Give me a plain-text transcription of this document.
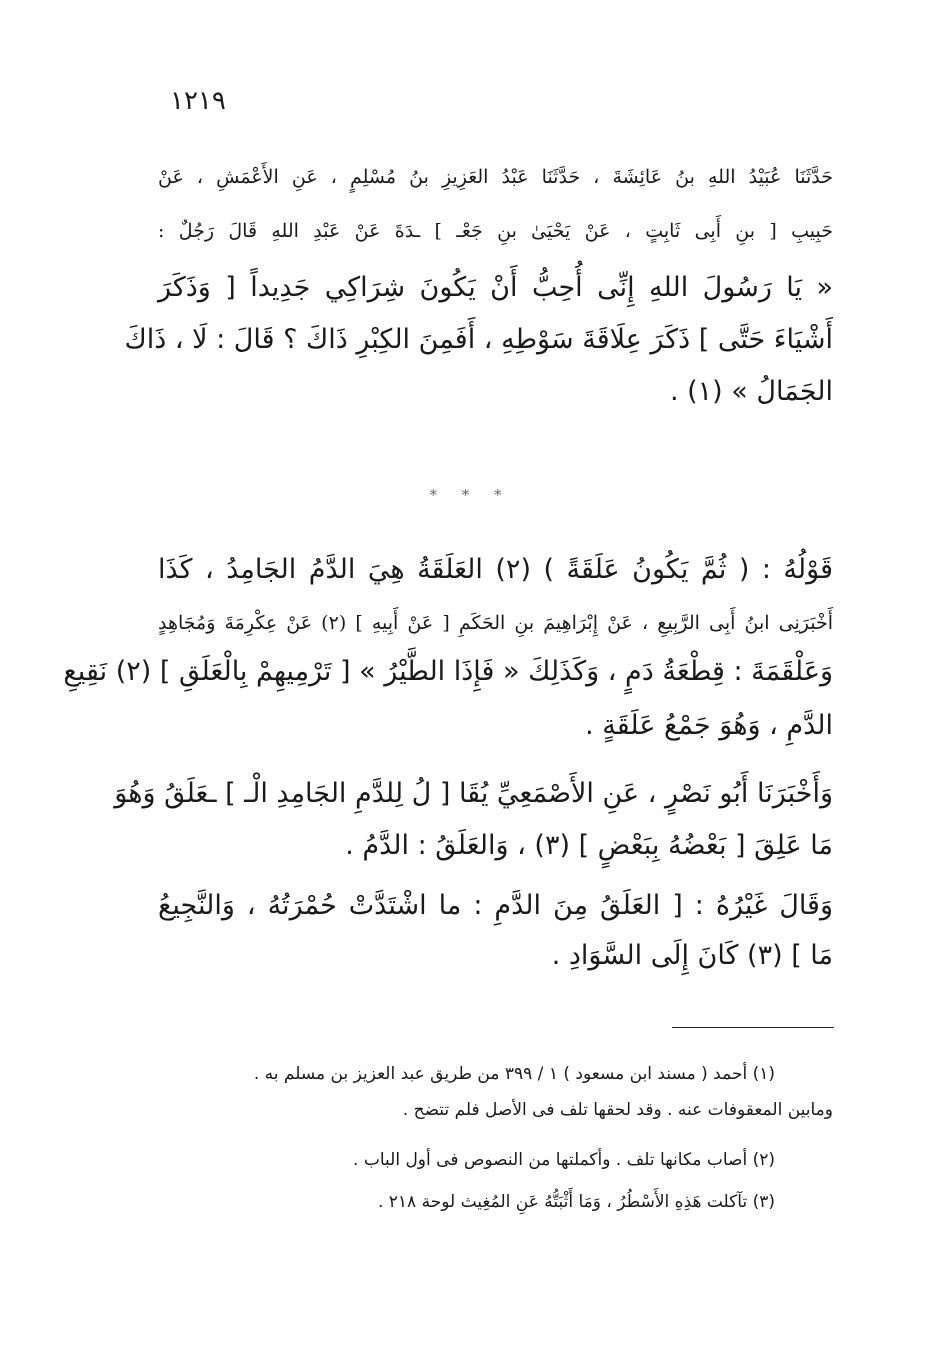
١٢١٩
حَدَّثَنَا عُبَيْدُ اللهِ بنُ عَائِشَةَ ، حَدَّثَنَا عَبْدُ العَزِيزِ بنُ مُسْلِمٍ ، عَنِ الأَعْمَشِ ، عَنْ
حَبِيبِ [ بنِ أَبِى ثَابِتٍ ، عَنْ يَحْيَىٰ بنِ جَعْـ ] ـدَةَ عَنْ عَبْدِ اللهِ قَالَ رَجُلٌ :
« يَا رَسُولَ اللهِ إِنِّى أُحِبُّ أَنْ يَكُونَ شِرَاكِي جَدِيداً [ وَذَكَرَ
أَشْيَاءَ حَتَّى ] ذَكَرَ عِلَاقَةَ سَوْطِهِ ، أَفَمِنَ الكِبْرِ ذَاكَ ؟ قَالَ : لَا ، ذَاكَ
الجَمَالُ » (١) .
* * *
قَوْلُهُ : ( ثُمَّ يَكُونُ عَلَقَةً ) (٢) العَلَقَةُ هِيَ الدَّمُ الجَامِدُ ، كَذَا
أَخْبَرَنِى ابنُ أَبِى الرَّبِيعِ ، عَنْ إِبْرَاهِيمَ بنِ الحَكَمِ [ عَنْ أَبِيهِ ] (٢) عَنْ عِكْرِمَةَ وَمُجَاهِدٍ
وَعَلْقَمَةَ : قِطْعَةُ دَمٍ ، وَكَذَلِكَ « فَإِذَا الطَّيْرُ » [ تَرْمِيهِمْ بِالْعَلَقِ ] (٢) نَقِيعِ
الدَّمِ ، وَهُوَ جَمْعُ عَلَقَةٍ .
وَأَخْبَرَنَا أَبُو نَصْرٍ ، عَنِ الأَصْمَعِيِّ يُقَا [ لُ لِلدَّمِ الجَامِدِ الْـ ] ـعَلَقُ وَهُوَ
مَا عَلِقَ [ بَعْضُهُ بِبَعْضٍ ] (٣) ، وَالعَلَقُ : الدَّمُ .
وَقَالَ غَيْرُهُ : [ العَلَقُ مِنَ الدَّمِ : ما اشْتَدَّتْ حُمْرَتُهُ ، وَالنَّجِيعُ
مَا ] (٣) كَانَ إِلَى السَّوَادِ .
(١) أحمد ( مسند ابن مسعود ) ١ / ٣٩٩ من طريق عبد العزيز بن مسلم به .
ومابين المعقوفات عنه . وقد لحقها تلف فى الأصل فلم تتضح .
(٢) أصاب مكانها تلف . وأكملتها من النصوص فى أول الباب .
(٣) تآكلت هَذِهِ الأَسْطُرُ ، وَمَا أَثْبَتُّهُ عَنِ المُغِيث لوحة ٢١٨ .
